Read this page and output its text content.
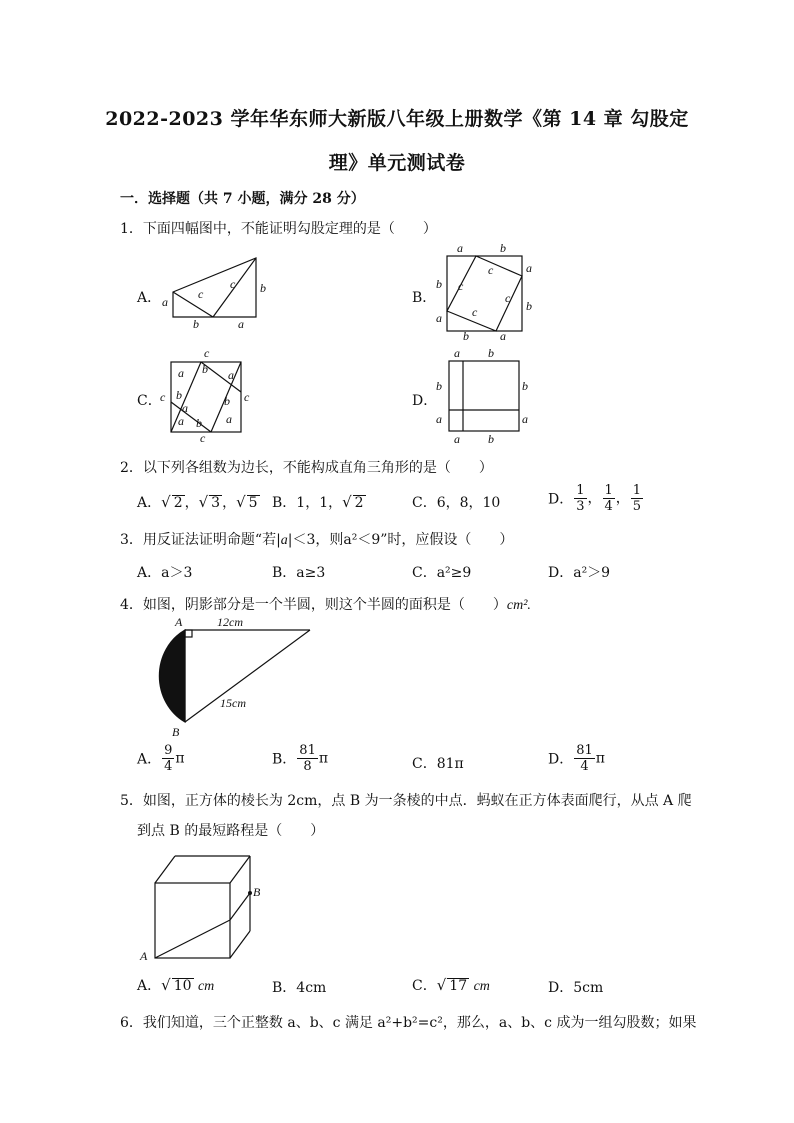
2022-2023 学年华东师大新版八年级上册数学《第 14 章 勾股定
理》单元测试卷
一．选择题（共 7 小题，满分 28 分）
1．下面四幅图中，不能证明勾股定理的是（　　）
A．	B．
C．	D．
a
c
c b
b	a
a	b
a
b
a
b
a
b
c
c
c
c
c
c	c
c
a b a
b
a	b
a b a
a b
b	b
a	a
a b
2．以下列各组数为边长，不能构成直角三角形的是（　　）
A．√ 2 ，√ 3 ，√ 5 B．1，1，√ 2	C．6，8，10	D． $\frac{1}{3}$ ， $\frac{1}{4}$ ， $\frac{1}{5}$
3．用反证法证明命题“若|a|＜3，则a²＜9”时，应假设（　　）
A．a＞3	B．a≥3	C．a²≥9	D．a²＞9
4．如图，阴影部分是一个半圆，则这个半圆的面积是（　　）cm².
A
B
12cm
15cm
A． $\frac{9}{4}$ π	B． $\frac{81}{8}$ π	C．81π	D． $\frac{81}{4}$ π
5．如图，正方体的棱长为 2cm，点 B 为一条棱的中点．蚂蚁在正方体表面爬行，从点 A 爬
到点 B 的最短路程是（　　）
A
B
A．√ 10 cm	B．4cm	C．√ 17 cm	D．5cm
6．我们知道，三个正整数 a、b、c 满足 a²+b²=c²，那么，a、b、c 成为一组勾股数；如果
